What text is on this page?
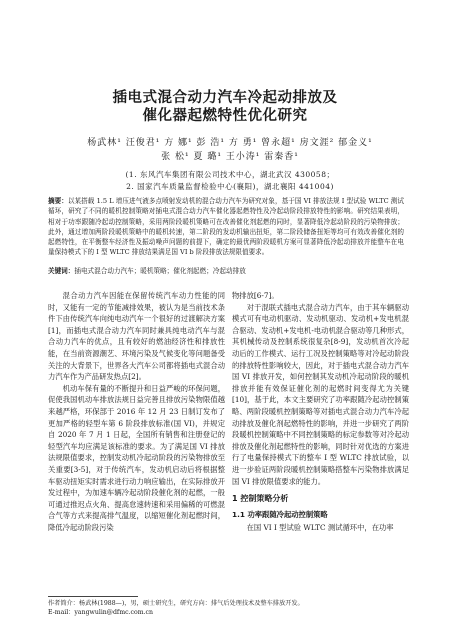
插电式混合动力汽车冷起动排放及
催化器起燃特性优化研究
杨武林¹ 汪俊君¹ 方 娜¹ 彭 浩¹ 方 勇¹ 曾永超¹ 房文涯² 郁金义¹
张 松¹ 夏 璐¹ 王小涛¹ 雷秦香¹
(1. 东风汽车集团有限公司技术中心，湖北武汉 430058；
2. 国家汽车质量监督检验中心(襄阳)，湖北襄阳 441004)
摘要：以某搭载 1.5 L 增压进气液多点喷射发动机的混合动力汽车为研究对象，基于国 VI 排放法规 I 型试验 WLTC 测试循环，研究了不同的暖机控制策略对插电式混合动力汽车催化器起燃特性及冷起动阶段排放特性的影响。研究结果表明，相对于功率跟随冷起动控制策略，采用两阶段暖机策略可在改善催化剂起燃的同时，显著降低冷起动阶段的污染物排放；此外，通过增加两阶段暖机策略中的暖机转速，第二阶段的发动机输出扭矩，第二阶段储备扭矩等均可有效改善催化剂的起燃特性，在平衡整车经济性及振动噪声问题的前提下，确定的最优两阶段暖机方案可显著降低冷起动排放并能整车在电量保持模式下的 Ⅰ 型 WLTC 排放结果满足国 VI b 阶段排放法规限值要求。
关键词：插电式混合动力汽车；暖机策略；催化剂起燃；冷起动排放

混合动力汽车因能在保留传统汽车动力性能的同时，又能有一定的节能减排效果，被认为是当前技术条件下由传统汽车向纯电动汽车一个很好的过渡解决方案[1]，而插电式混合动力汽车同时兼具纯电动汽车与混合动力汽车的优点，且有较好的燃油经济性和排放性能，在当前资源潮艺、环境污染及气候变化等问题备受关注的大背景下，世界各大汽车公司都将插电式混合动力汽车作为产品研发热点[2]。

机动车保有量的不断提升和日益严峻的环保问题，促使我国机动车排放法规日益完善且排放污染物限值越来越严格，环保部于 2016 年 12 月 23 日制订发布了更加严格的轻型车第 6 阶段排放标准(国 VI)，并规定自 2020 年 7 月 1 日起，全国所有销售和注册登记的轻型汽车均应满足该标准的要求。为了满足国 VI 排放法规限值要求，控制发动机冷起动阶段的污染物排放至关重要[3-5]，对于传统汽车，发动机启动后将根据整车驱动扭矩实时需求进行动力响应输出，在实际排放开发过程中，为加速车辆冷起动阶段催化剂的起燃，一般可通过推迟点火角、提高怠速转速和采用偏稀的可燃混合气等方式来提高排气温度，以缩短催化剂起燃时间，降低冷起动阶段污染

物排放[6-7]。

对于混联式插电式混合动力汽车，由于其车辆驱动模式可有电动机驱动、发动机驱动、发动机+发电机混合驱动、发动机+发电机-电动机混合驱动等几种形式，其机械传动及控制系统很复杂[8-9]，发动机首次冷起动后的工作模式、运行工况及控制策略等对冷起动阶段的排放特性影响较大，因此，对于插电式混合动力汽车国 VI 排放开发，如何控制其发动机冷起动阶段的暖机排放并能有效保证催化剂的起燃时间变得尤为关键[10]，基于此，本文主要研究了功率跟随冷起动控制策略、两阶段暖机控制策略等对插电式混合动力汽车冷起动排放及催化剂起燃特性的影响，并进一步研究了两阶段暖机控制策略中不同控制策略的标定参数等对冷起动排放及催化剂起燃特性的影响，同时针对优选的方案进行了电量保持模式下的整车 I 型 WLTC 排放试验，以进一步验证两阶段暖机控制策略搭整车污染物排放满足国 VI 排放限值要求的能力。

1 控制策略分析
1.1 功率跟随冷起动控制策略

在国 VI I 型试验 WLTC 测试循环中，在功率

作者简介：杨武林(1988—)，男，硕士研究生，研究方向：排气后处理技术及整车排放开发。
E-mail：yangwulin@dfmc.com.cn
